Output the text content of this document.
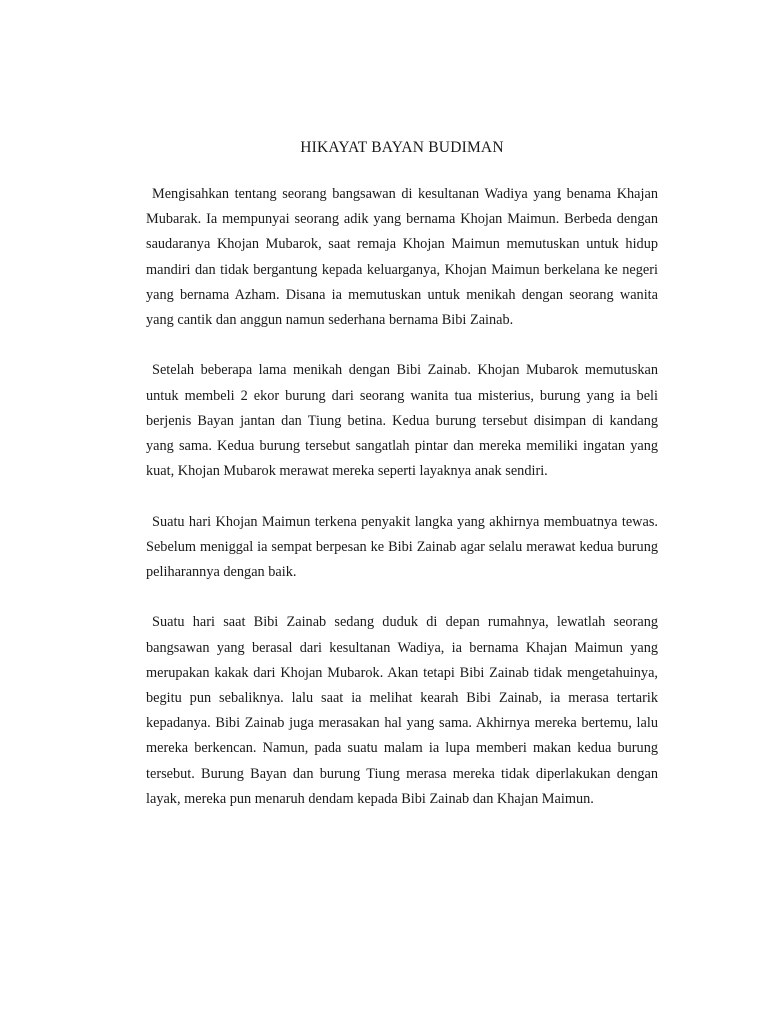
HIKAYAT BAYAN BUDIMAN

Mengisahkan tentang seorang bangsawan di kesultanan Wadiya yang benama Khajan Mubarak. Ia mempunyai seorang adik yang bernama Khojan Maimun. Berbeda dengan saudaranya Khojan Mubarok, saat remaja Khojan Maimun memutuskan untuk hidup mandiri dan tidak bergantung kepada keluarganya, Khojan Maimun berkelana ke negeri yang bernama Azham. Disana ia memutuskan untuk menikah dengan seorang wanita yang cantik dan anggun namun sederhana bernama Bibi Zainab.

Setelah beberapa lama menikah dengan Bibi Zainab. Khojan Mubarok memutuskan untuk membeli 2 ekor burung dari seorang wanita tua misterius, burung yang ia beli berjenis Bayan jantan dan Tiung betina. Kedua burung tersebut disimpan di kandang yang sama. Kedua burung tersebut sangatlah pintar dan mereka memiliki ingatan yang kuat, Khojan Mubarok merawat mereka seperti layaknya anak sendiri.

Suatu hari Khojan Maimun terkena penyakit langka yang akhirnya membuatnya tewas. Sebelum meniggal ia sempat berpesan ke Bibi Zainab agar selalu merawat kedua burung peliharannya dengan baik.

Suatu hari saat Bibi Zainab sedang duduk di depan rumahnya, lewatlah seorang bangsawan yang berasal dari kesultanan Wadiya, ia bernama Khajan Maimun yang merupakan kakak dari Khojan Mubarok. Akan tetapi Bibi Zainab tidak mengetahuinya, begitu pun sebaliknya. lalu saat ia melihat kearah Bibi Zainab, ia merasa tertarik kepadanya. Bibi Zainab juga merasakan hal yang sama. Akhirnya mereka bertemu, lalu mereka berkencan. Namun, pada suatu malam ia lupa memberi makan kedua burung tersebut. Burung Bayan dan burung Tiung merasa mereka tidak diperlakukan dengan layak, mereka pun menaruh dendam kepada Bibi Zainab dan Khajan Maimun.
